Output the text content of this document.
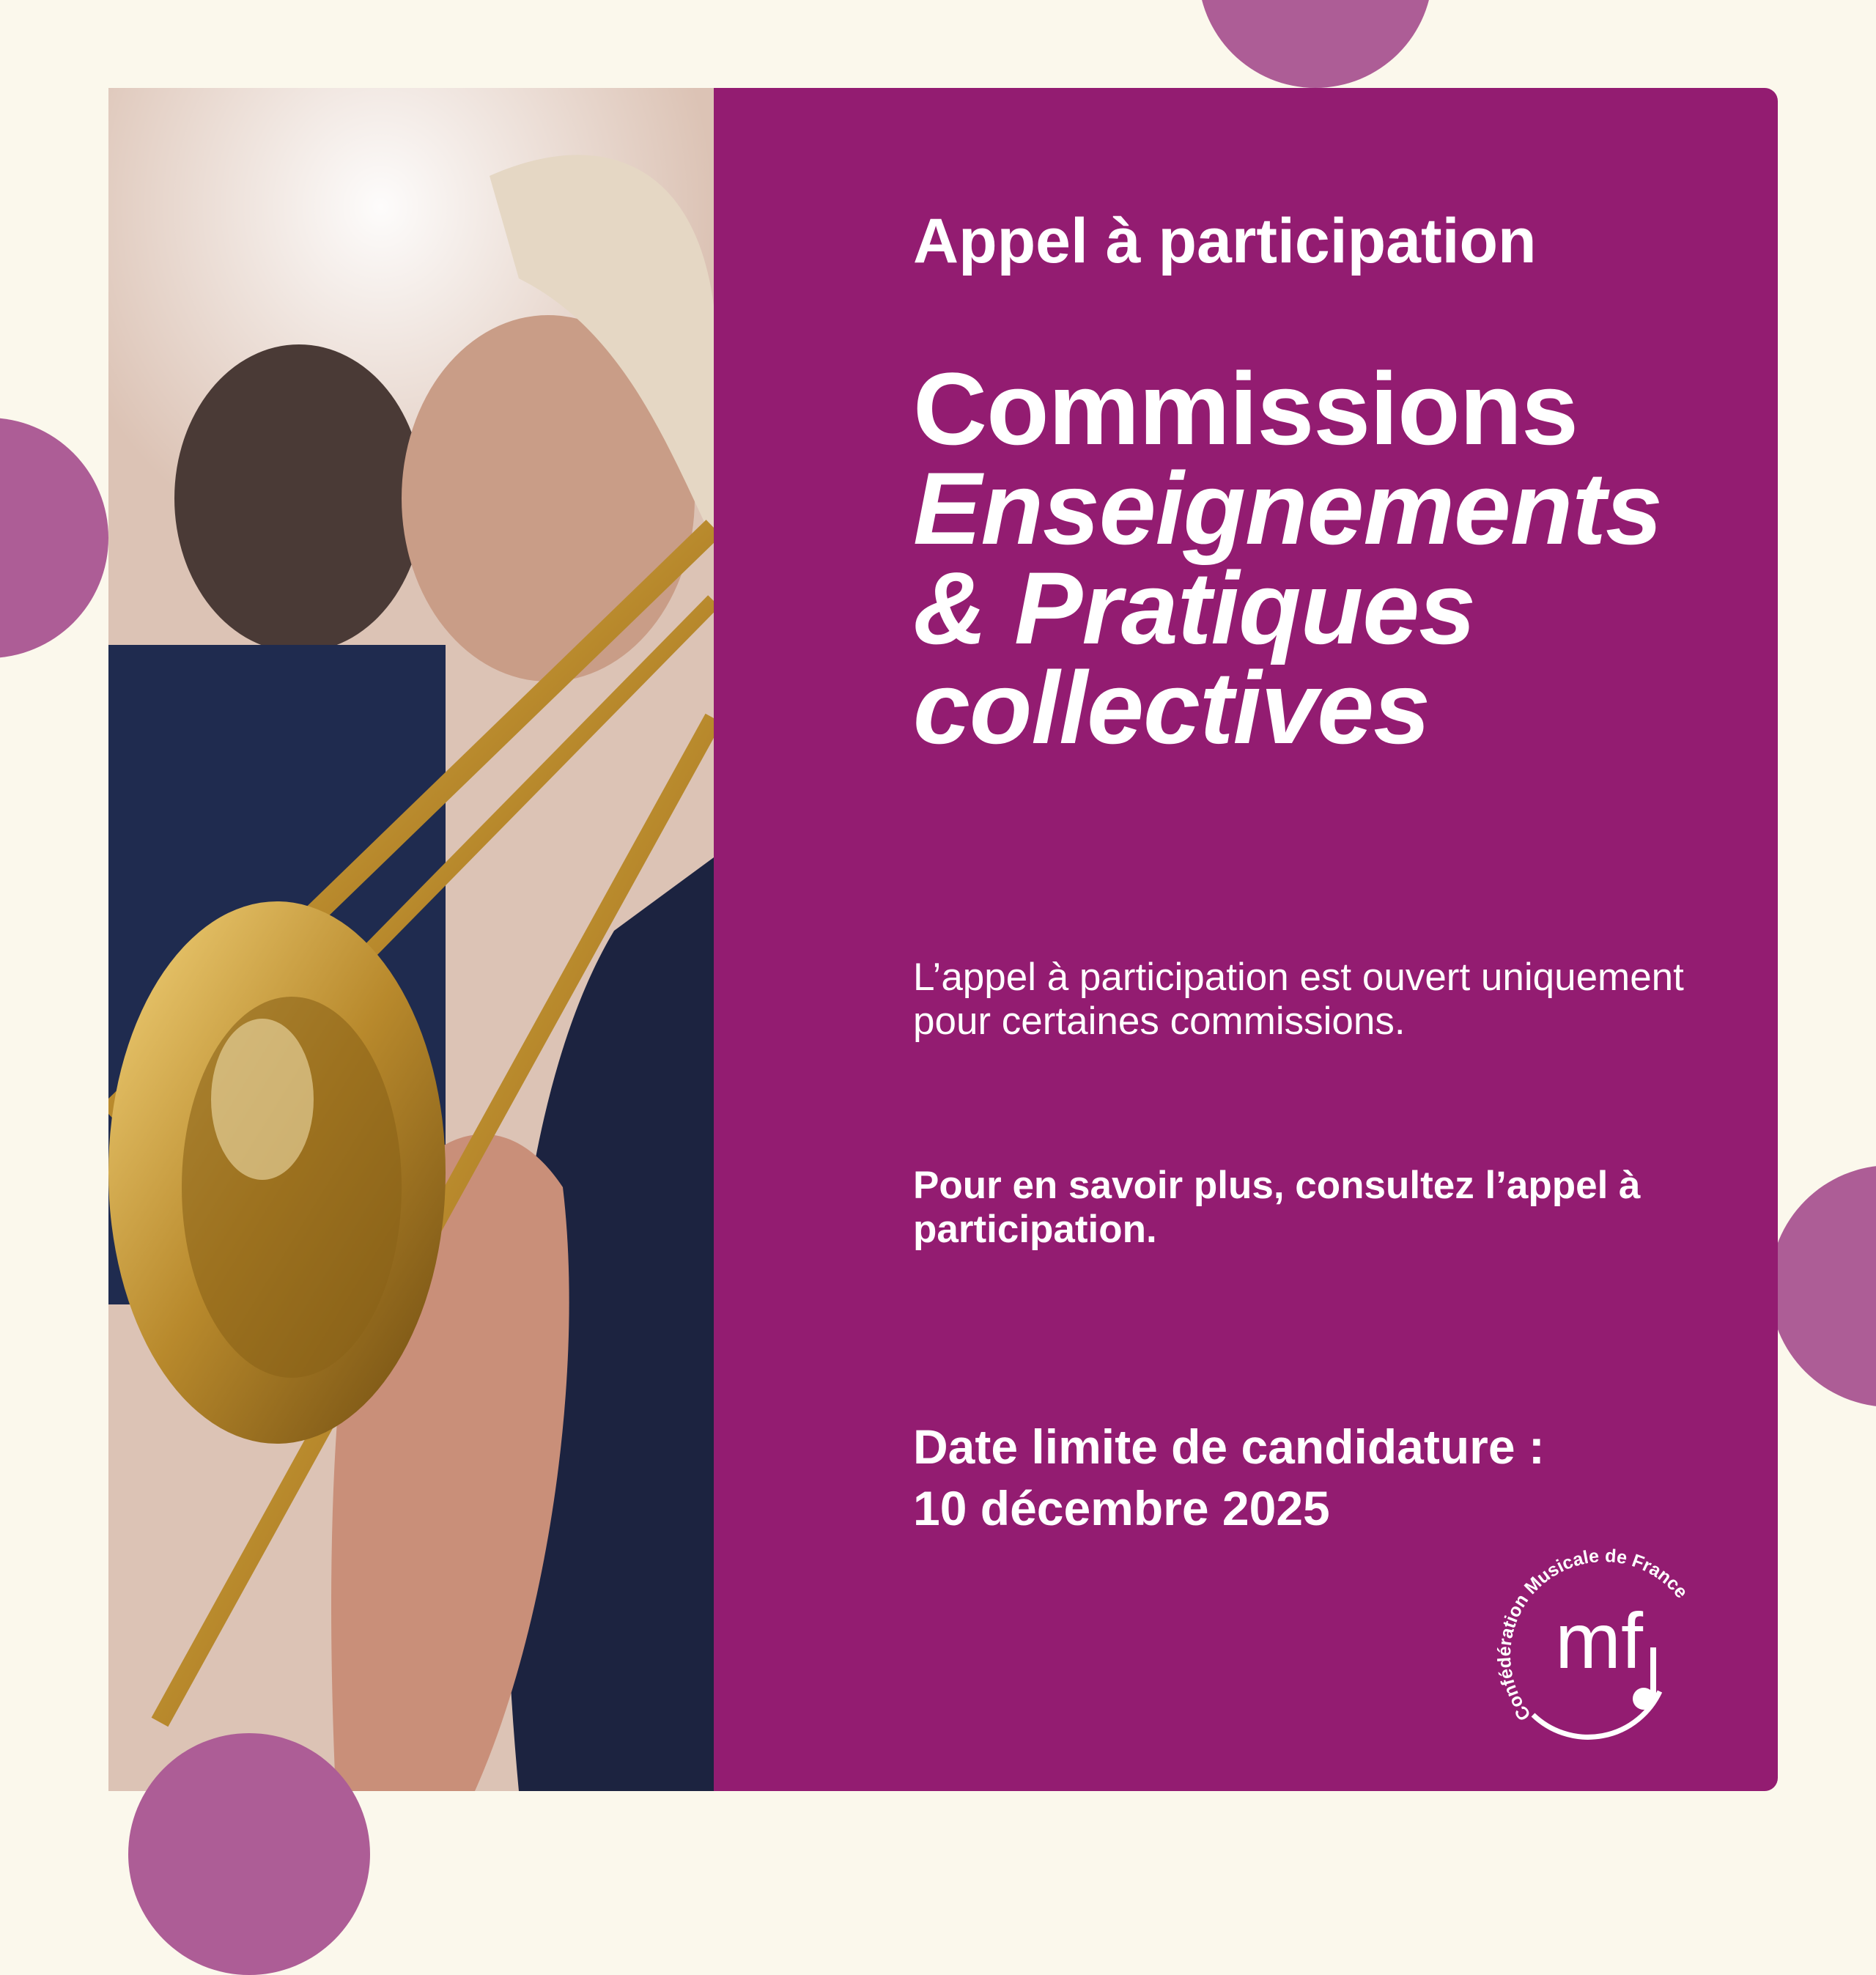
Appel à participation

Commissions
Enseignements
& Pratiques
collectives

L’appel à participation est ouvert uniquement pour certaines commissions.

Pour en savoir plus, consultez l’appel à participation.

Date limite de candidature :
10 décembre 2025

Confédération Musicale de France
mf
